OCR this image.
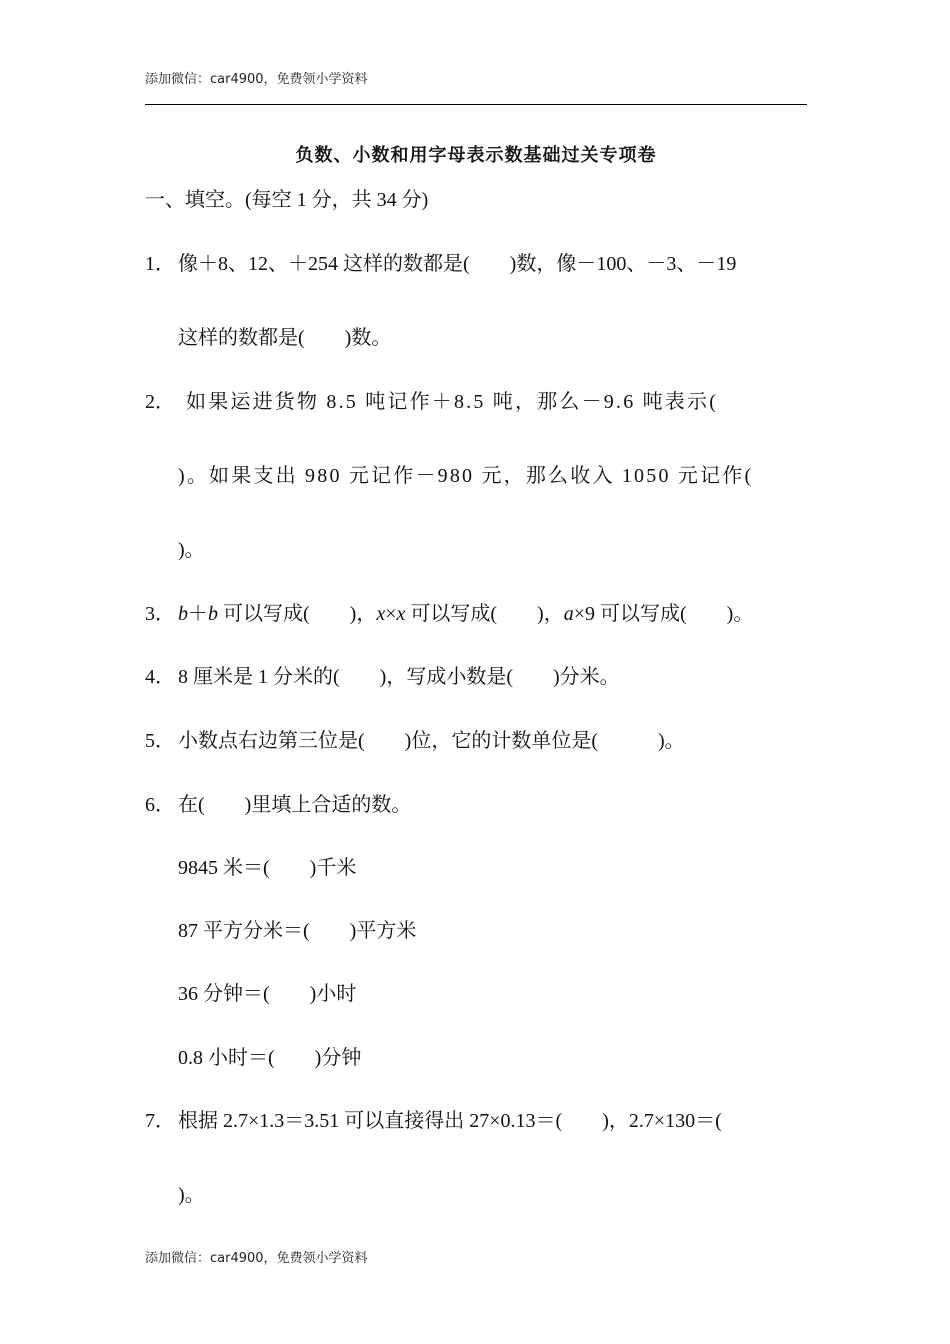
添加微信：car4900，免费领小学资料
负数、小数和用字母表示数基础过关专项卷
一、填空。(每空 1 分，共 34 分)
1． 像＋8、12、＋254 这样的数都是(　　)数，像－100、－3、－19
这样的数都是(　　)数。
2． 如果运进货物 8.5 吨记作＋8.5 吨，那么－9.6 吨表示(
)。如果支出 980 元记作－980 元，那么收入 1050 元记作(
)。
3． b＋b 可以写成(　　)，x×x 可以写成(　　)，a×9 可以写成(　　)。
4． 8 厘米是 1 分米的(　　)，写成小数是(　　)分米。
5． 小数点右边第三位是(　　)位，它的计数单位是(　　　)。
6． 在(　　)里填上合适的数。
9845 米＝(　　)千米
87 平方分米＝(　　)平方米
36 分钟＝(　　)小时
0.8 小时＝(　　)分钟
7． 根据 2.7×1.3＝3.51 可以直接得出 27×0.13＝(　　)，2.7×130＝(
)。
添加微信：car4900，免费领小学资料
